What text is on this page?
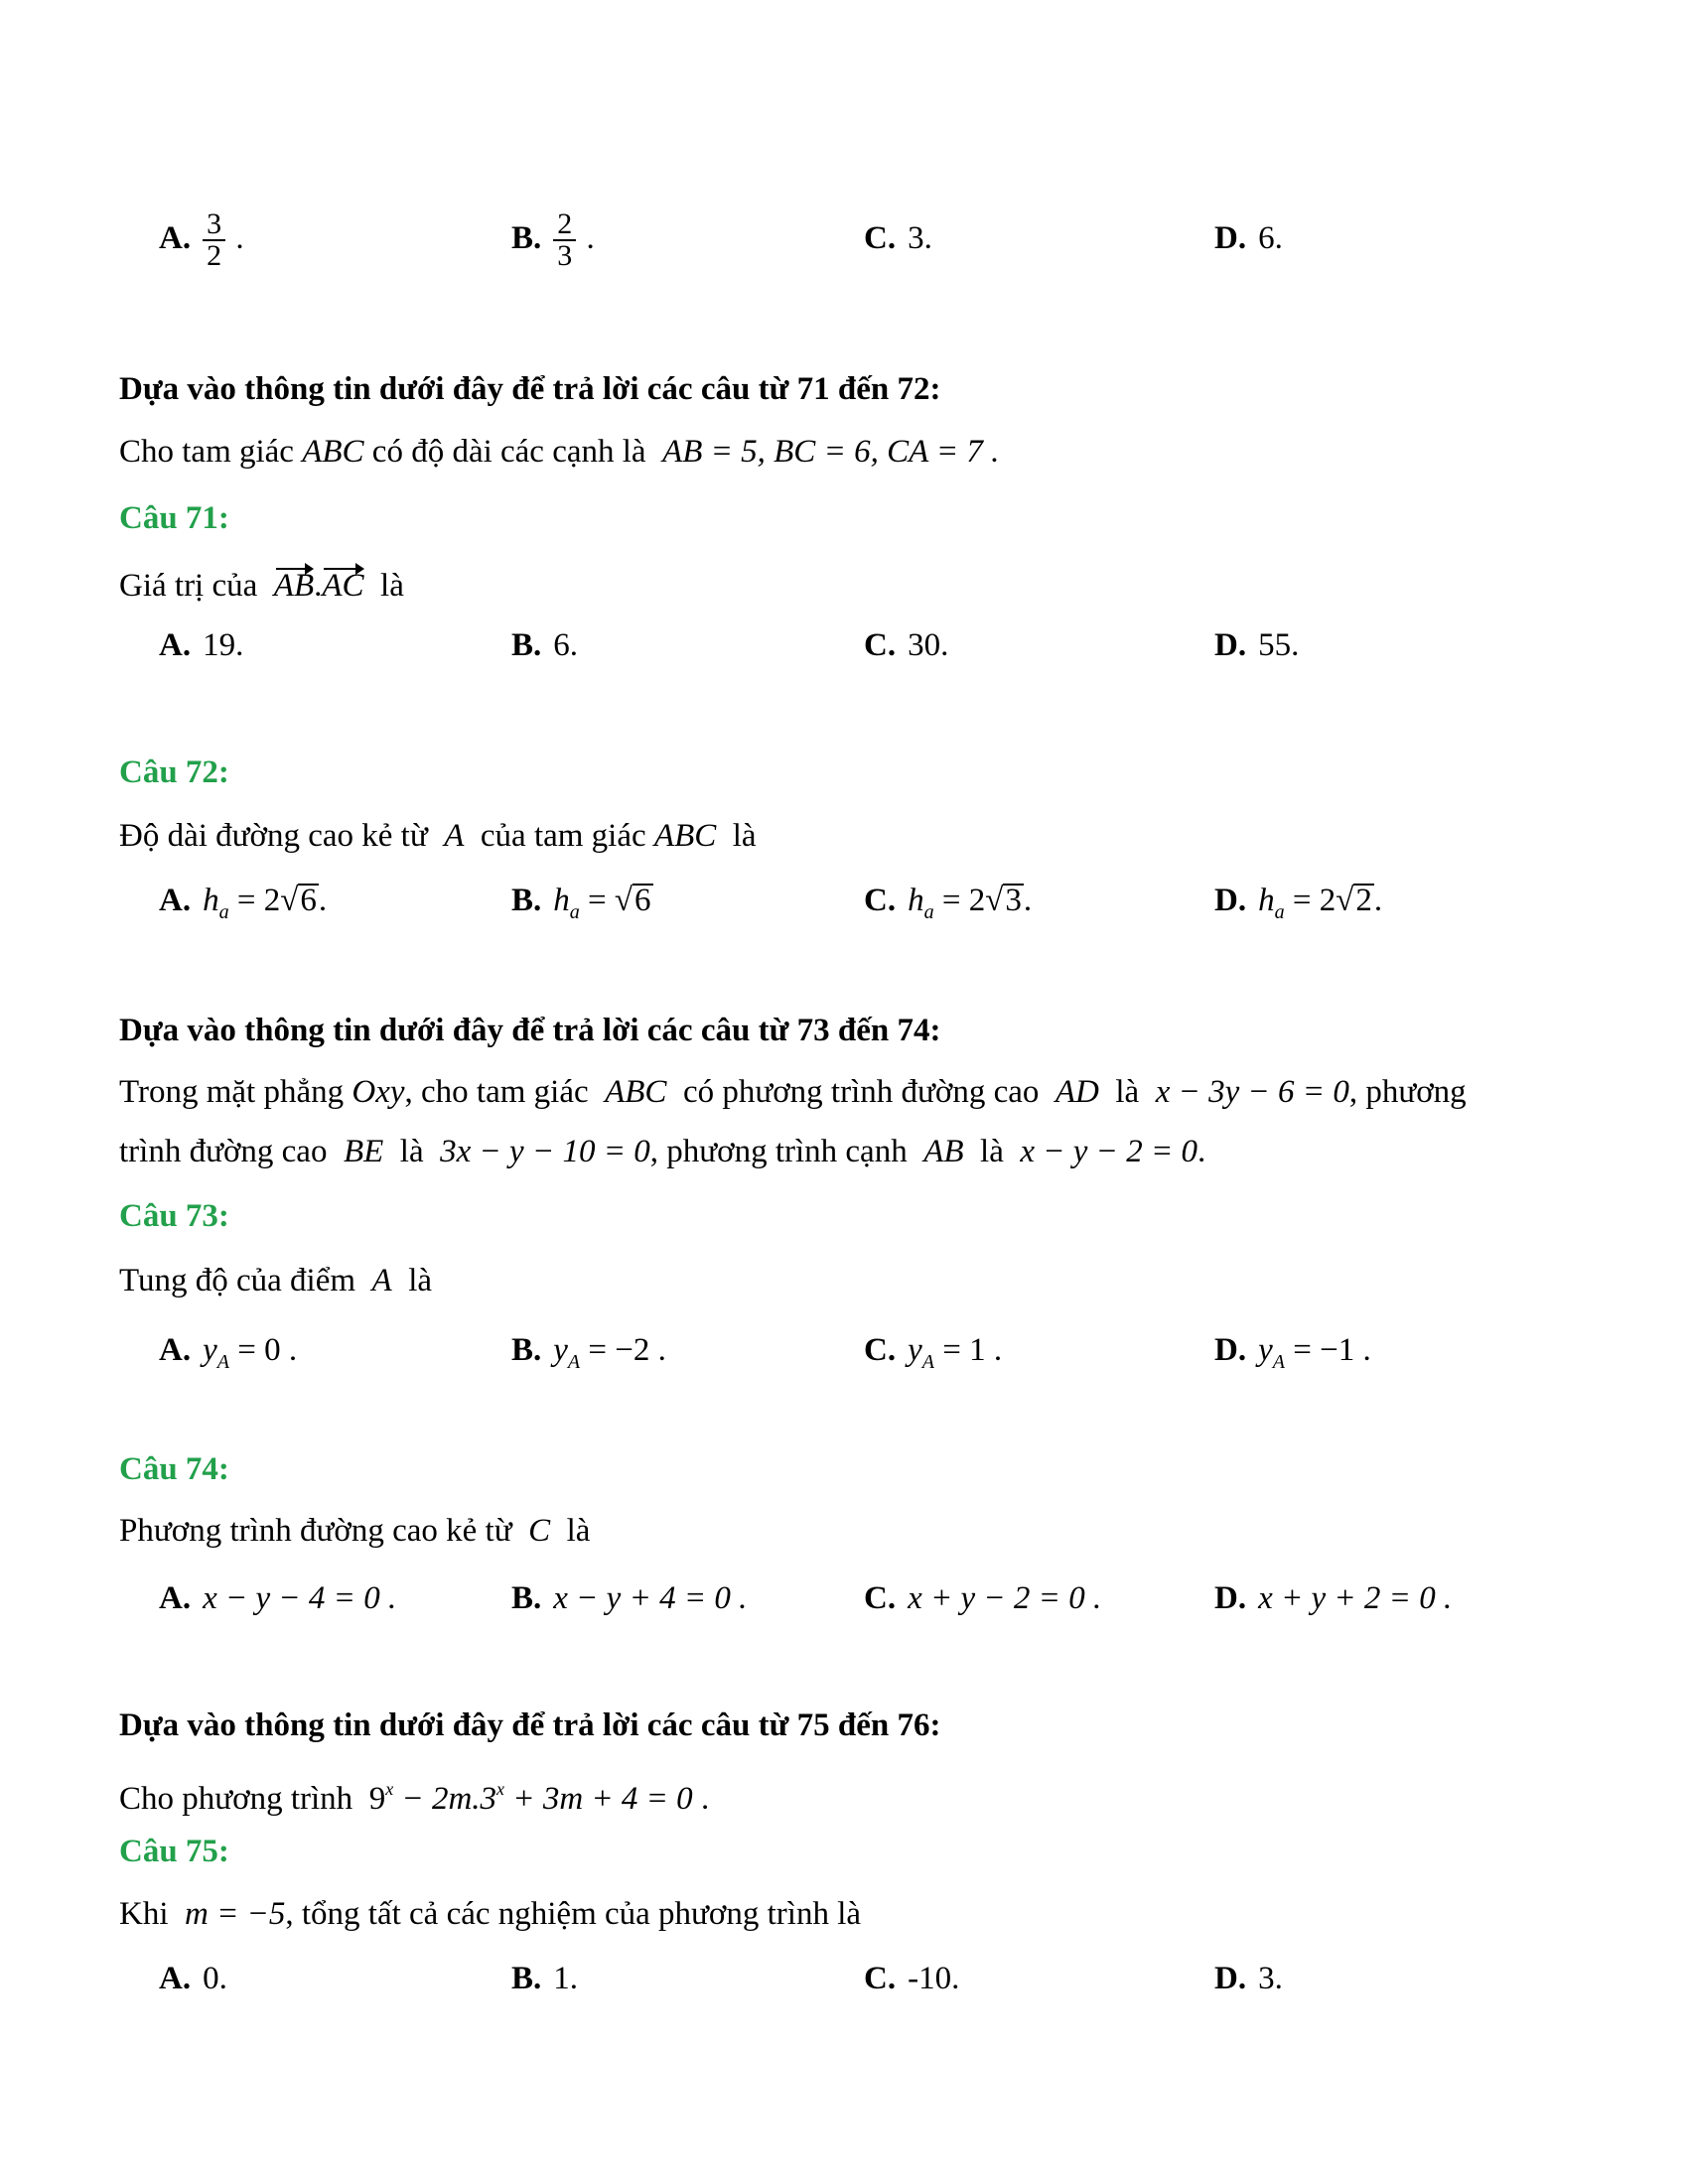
A. $\frac{3}{2}$ .	B. $\frac{2}{3}$ .	C. 3.	D. 6.
Dựa vào thông tin dưới đây để trả lời các câu từ 71 đến 72:
Cho tam giác ABC có độ dài các cạnh là AB = 5, BC = 6, CA = 7 .
Câu 71:
Giá trị của AB.AC là
A. 19.	B. 6.	C. 30.	D. 55.
Câu 72:
Độ dài đường cao kẻ từ A của tam giác ABC là
A. $h_a = 2√6$.	B. $h_a = √6$	C. $h_a = 2√3$.	D. $h_a = 2√2$.
Dựa vào thông tin dưới đây để trả lời các câu từ 73 đến 74:
Trong mặt phẳng Oxy, cho tam giác ABC có phương trình đường cao AD là x − 3y − 6 = 0, phương
trình đường cao BE là 3x − y − 10 = 0, phương trình cạnh AB là x − y − 2 = 0.
Câu 73:
Tung độ của điểm A là
A. $y_A = 0$ .	B. $y_A = -2$ .	C. $y_A = 1$ .	D. $y_A = -1$ .
Câu 74:
Phương trình đường cao kẻ từ C là
A. x − y − 4 = 0 .	B. x − y + 4 = 0 .	C. x + y − 2 = 0 .	D. x + y + 2 = 0 .
Dựa vào thông tin dưới đây để trả lời các câu từ 75 đến 76:
Cho phương trình $9^x - 2m.3^x + 3m + 4 = 0$ .
Câu 75:
Khi m = −5, tổng tất cả các nghiệm của phương trình là
A. 0.	B. 1.	C. -10.	D. 3.
